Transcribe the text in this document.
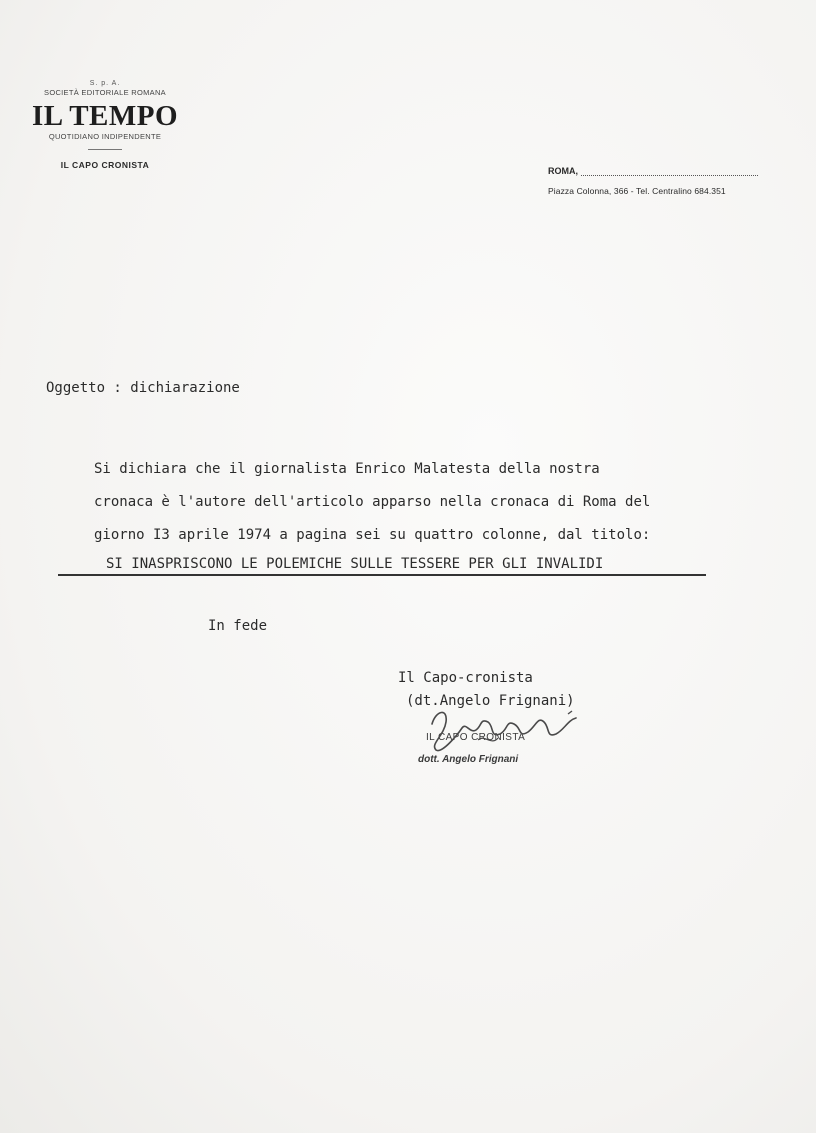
S. p. A.
SOCIETÀ EDITORIALE ROMANA
IL TEMPO
QUOTIDIANO INDIPENDENTE
IL CAPO CRONISTA
ROMA,
Piazza Colonna, 366 - Tel. Centralino 684.351
Oggetto : dichiarazione
Si dichiara che il giornalista Enrico Malatesta della nostra
cronaca è l'autore dell'articolo apparso nella cronaca di Roma del
giorno I3 aprile 1974 a pagina sei su quattro colonne, dal titolo:
SI INASPRISCONO LE POLEMICHE SULLE TESSERE PER GLI INVALIDI
In fede
Il Capo-cronista
(dt.Angelo Frignani)
IL CAPO CRONISTA
dott. Angelo Frignani
